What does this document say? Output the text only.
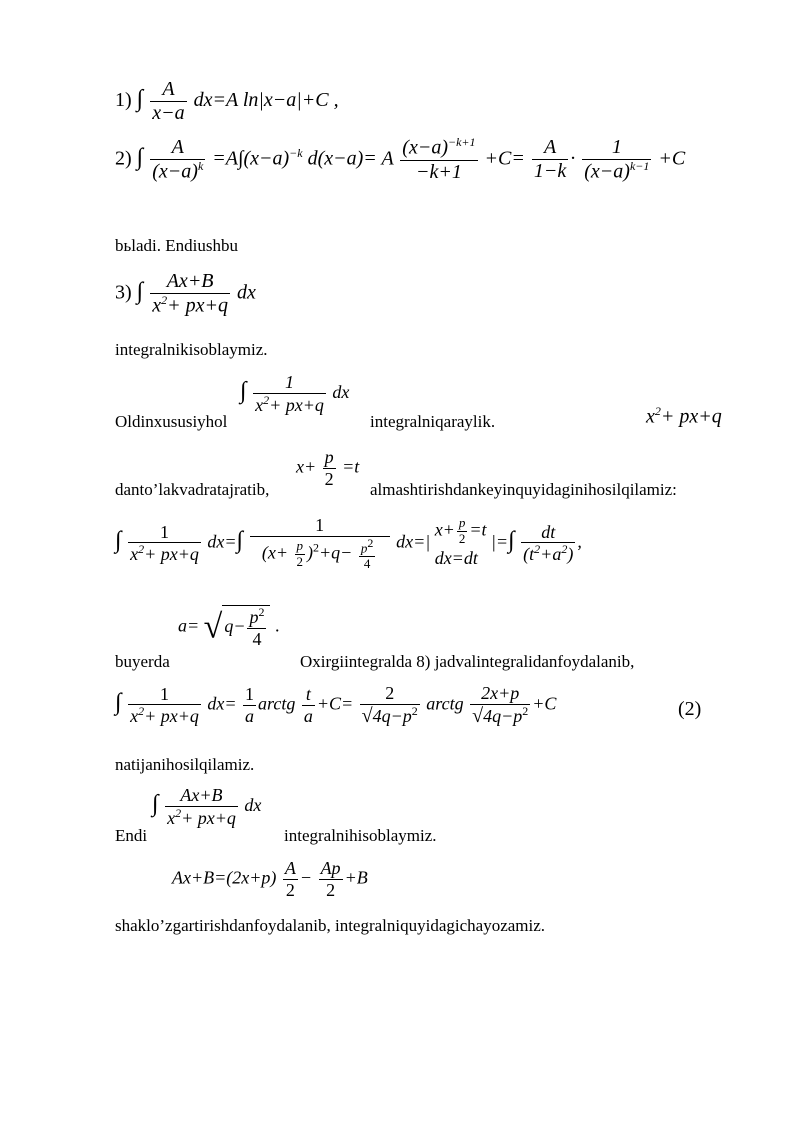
1) ∫ $\frac{A}{x-a} dx=A$ ln|x−a|+C ,
2) ∫ $\frac{A}{(x-a)^k} =A\int(x-a)^{-k}$ d(x−a)= A $\frac{(x-a)^{-k+1}}{-k+1} +C= \frac{A}{1-k} \cdot \frac{1}{(x-a)^{k-1}} +C$
bьladi. Endiushbu
3) ∫ $\frac{Ax+B}{x^2+ px+q}$ dx
integralnikisoblaymiz.
Oldinxususiyhol
∫ $\frac{1}{x^2+ px+q}$ dx
integralniqaraylik.	$x^2+ px+q$
danto’lakvadratajratib,
$x+ \frac{p}{2} =t$
almashtirishdankeyinquyidaginihosilqilamiz:
∫ $\frac{1}{x^2+ px+q} dx=\int \frac{1}{(x+ \frac{p}{2} )^2+q- \frac{p2}{4}} dx=|$
$x+ \frac{p}{2} =t$
dx=dt
|=∫ $\frac{dt}{(t^2+a^2)}$ ,
buyerda
a= √ $q- \frac{p^2}{4}$ .
Oxirgiintegralda 8) jadvalintegralidanfoydalanib,
∫ $\frac{1}{x^2+ px+q} dx= \frac{1}{a}$ arctg $\frac{t}{a} +C= \frac{2}{√4q-p^2}$ arctg $\frac{2x+p}{√4q-p^2} +C$	(2)
natijanihosilqilamiz.
Endi
∫ $\frac{Ax+B}{x^2+ px+q}$ dx
integralnihisoblaymiz.
$Ax+B=(2x+p) \frac{A}{2} - \frac{Ap}{2} +B$
shaklo’zgartirishdanfoydalanib, integralniquyidagichayozamiz.
